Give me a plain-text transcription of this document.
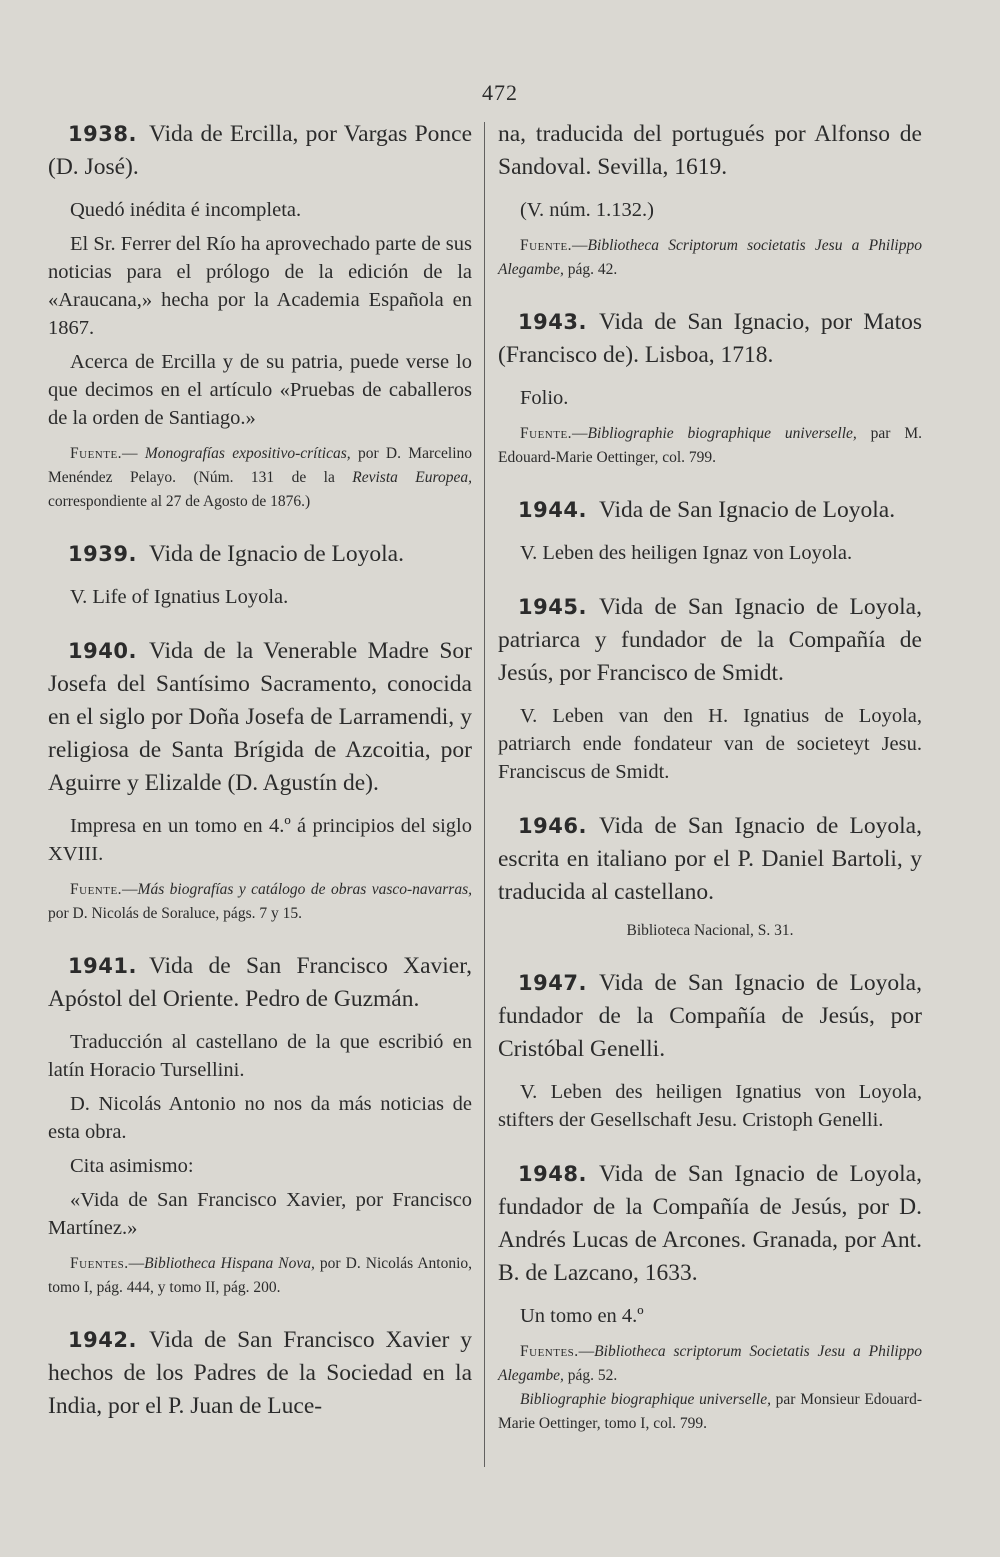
472

1938. Vida de Ercilla, por Vargas Ponce (D. José).

Quedó inédita é incompleta.

El Sr. Ferrer del Río ha aprovechado parte de sus noticias para el prólogo de la edición de la «Araucana,» hecha por la Academia Española en 1867.

Acerca de Ercilla y de su patria, puede verse lo que decimos en el artículo «Pruebas de caballeros de la orden de Santiago.»

Fuente.— Monografías expositivo-críticas, por D. Marcelino Menéndez Pelayo. (Núm. 131 de la Revista Europea, correspondiente al 27 de Agosto de 1876.)

1939. Vida de Ignacio de Loyola.

V. Life of Ignatius Loyola.

1940. Vida de la Venerable Madre Sor Josefa del Santísimo Sacramento, conocida en el siglo por Doña Josefa de Larramendi, y religiosa de Santa Brígida de Azcoitia, por Aguirre y Elizalde (D. Agustín de).

Impresa en un tomo en 4.º á principios del siglo XVIII.

Fuente.—Más biografías y catálogo de obras vasco-navarras, por D. Nicolás de Soraluce, págs. 7 y 15.

1941. Vida de San Francisco Xavier, Apóstol del Oriente. Pedro de Guzmán.

Traducción al castellano de la que escribió en latín Horacio Tursellini.

D. Nicolás Antonio no nos da más noticias de esta obra.

Cita asimismo:

«Vida de San Francisco Xavier, por Francisco Martínez.»

Fuentes.—Bibliotheca Hispana Nova, por D. Nicolás Antonio, tomo I, pág. 444, y tomo II, pág. 200.

1942. Vida de San Francisco Xavier y hechos de los Padres de la Sociedad en la India, por el P. Juan de Luce-

na, traducida del portugués por Alfonso de Sandoval. Sevilla, 1619.

(V. núm. 1.132.)

Fuente.—Bibliotheca Scriptorum societatis Jesu a Philippo Alegambe, pág. 42.

1943. Vida de San Ignacio, por Matos (Francisco de). Lisboa, 1718.

Folio.

Fuente.—Bibliographie biographique universelle, par M. Edouard-Marie Oettinger, col. 799.

1944. Vida de San Ignacio de Loyola.

V. Leben des heiligen Ignaz von Loyola.

1945. Vida de San Ignacio de Loyola, patriarca y fundador de la Compañía de Jesús, por Francisco de Smidt.

V. Leben van den H. Ignatius de Loyola, patriarch ende fondateur van de societeyt Jesu. Franciscus de Smidt.

1946. Vida de San Ignacio de Loyola, escrita en italiano por el P. Daniel Bartoli, y traducida al castellano.

Biblioteca Nacional, S. 31.

1947. Vida de San Ignacio de Loyola, fundador de la Compañía de Jesús, por Cristóbal Genelli.

V. Leben des heiligen Ignatius von Loyola, stifters der Gesellschaft Jesu. Cristoph Genelli.

1948. Vida de San Ignacio de Loyola, fundador de la Compañía de Jesús, por D. Andrés Lucas de Arcones. Granada, por Ant. B. de Lazcano, 1633.

Un tomo en 4.º

Fuentes.—Bibliotheca scriptorum Societatis Jesu a Philippo Alegambe, pág. 52.

Bibliographie biographique universelle, par Monsieur Edouard-Marie Oettinger, tomo I, col. 799.
